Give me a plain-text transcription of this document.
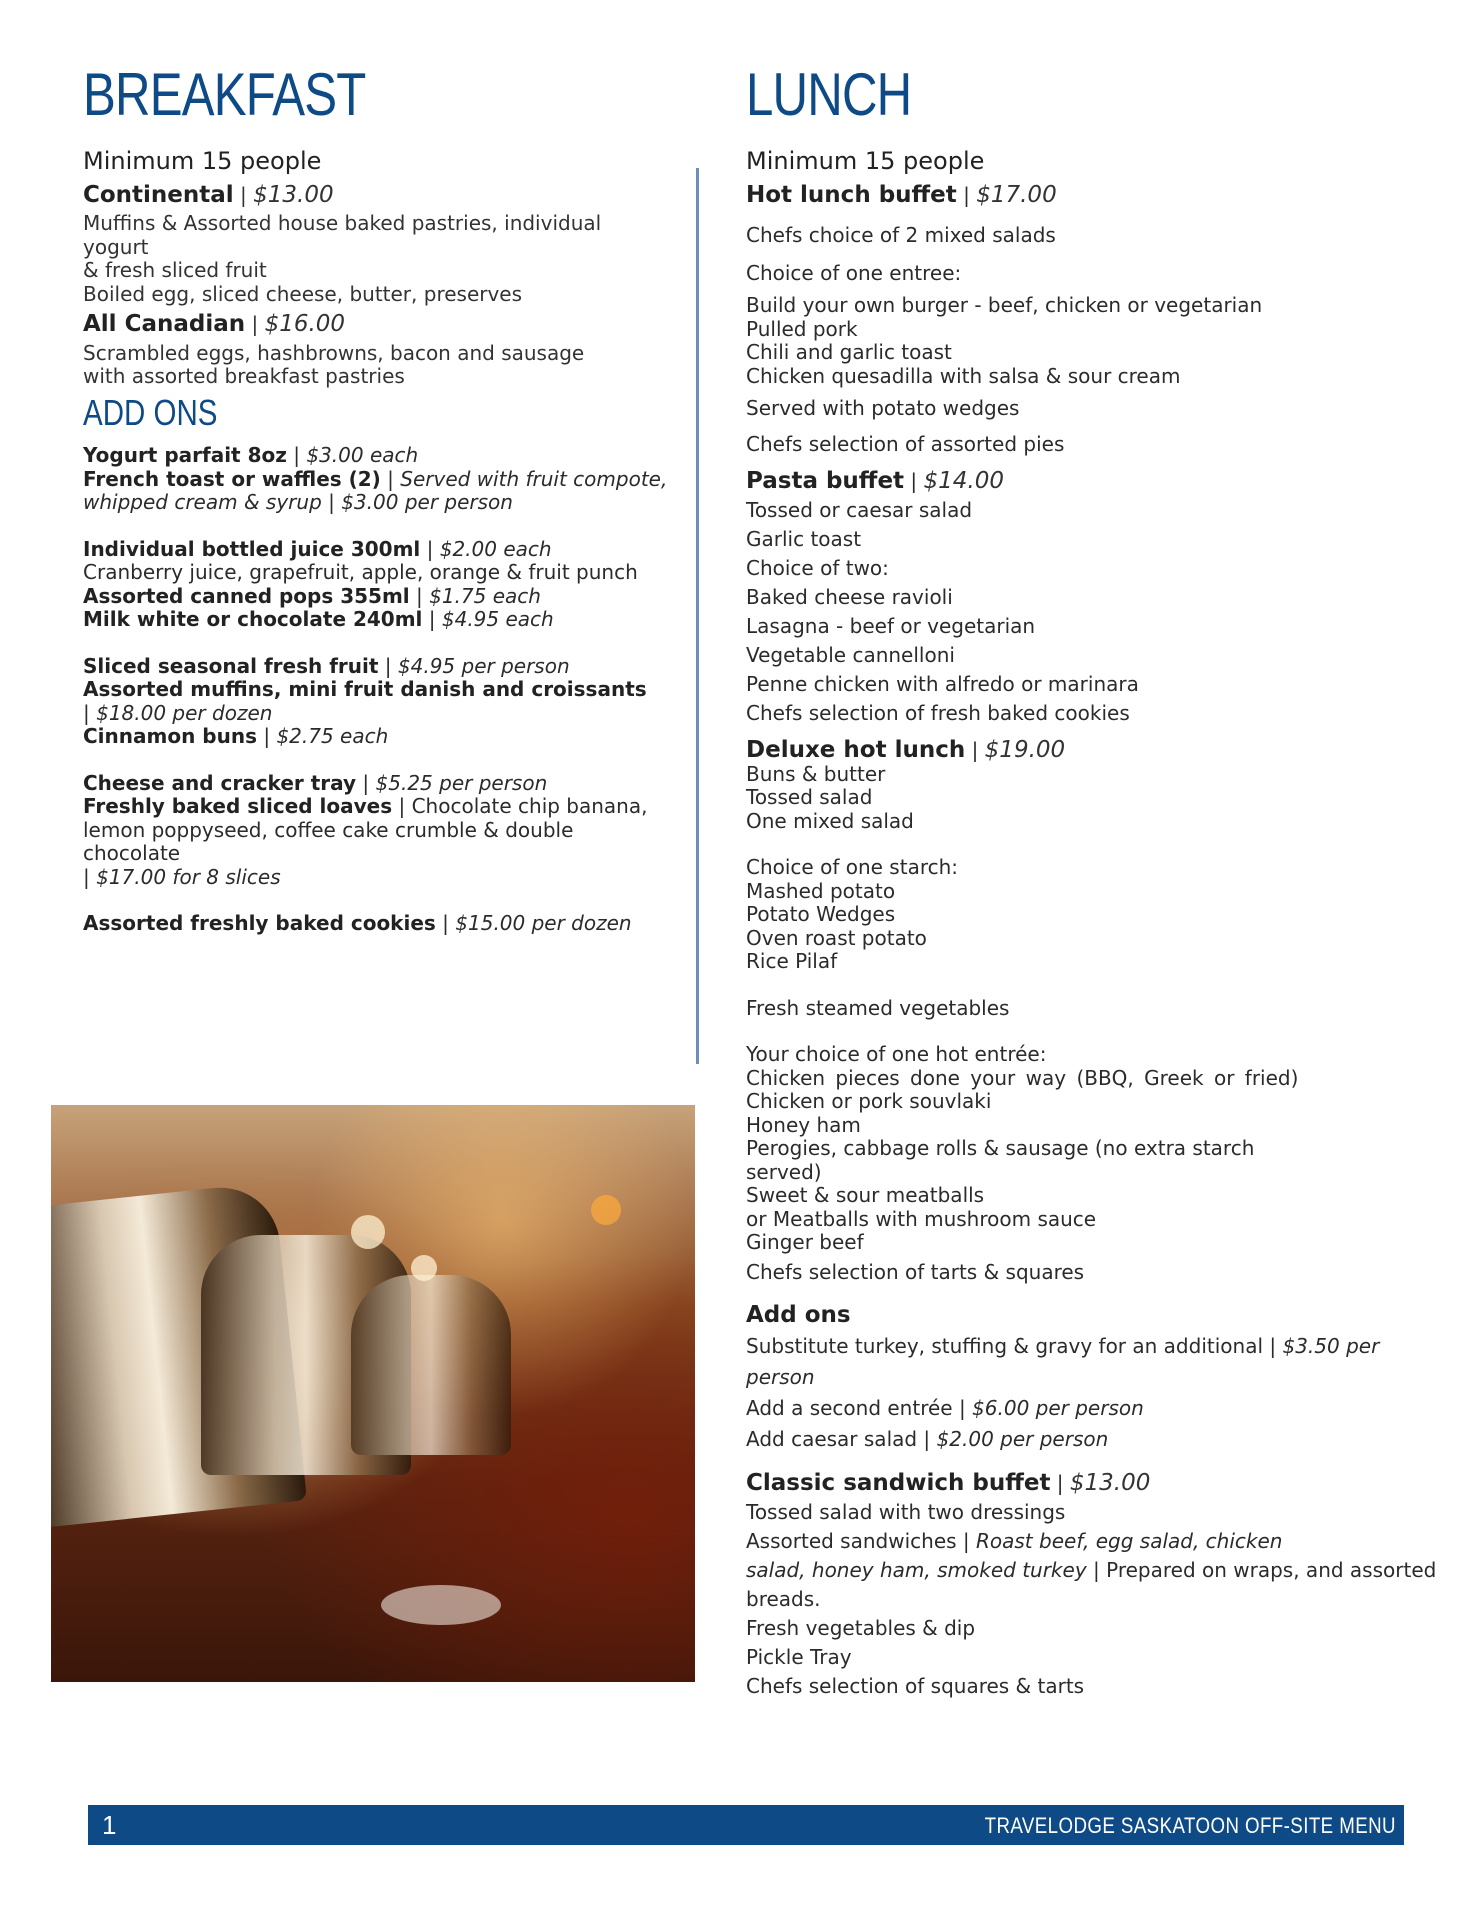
BREAKFAST	LUNCH

Minimum 15 people

Continental | $13.00
Muffins & Assorted house baked pastries, individual yogurt
& fresh sliced fruit
Boiled egg, sliced cheese, butter, preserves
All Canadian | $16.00
Scrambled eggs, hashbrowns, bacon and sausage
with assorted breakfast pastries
ADD ONS
Yogurt parfait 8oz | $3.00 each
French toast or waffles (2) | Served with fruit compote,
whipped cream & syrup | $3.00 per person
Individual bottled juice 300ml | $2.00 each
Cranberry juice, grapefruit, apple, orange & fruit punch
Assorted canned pops 355ml | $1.75 each
Milk white or chocolate 240ml | $4.95 each
Sliced seasonal fresh fruit | $4.95 per person
Assorted muffins, mini fruit danish and croissants
| $18.00 per dozen
Cinnamon buns | $2.75 each
Cheese and cracker tray | $5.25 per person
Freshly baked sliced loaves | Chocolate chip banana,
lemon poppyseed, coffee cake crumble & double chocolate
| $17.00 for 8 slices
Assorted freshly baked cookies | $15.00 per dozen

Minimum 15 people

Hot lunch buffet | $17.00
Chefs choice of 2 mixed salads
Choice of one entree:
Build your own burger - beef, chicken or vegetarian
Pulled pork
Chili and garlic toast
Chicken quesadilla with salsa & sour cream
Served with potato wedges
Chefs selection of assorted pies
Pasta buffet | $14.00
Tossed or caesar salad
Garlic toast
Choice of two:
Baked cheese ravioli
Lasagna - beef or vegetarian
Vegetable cannelloni
Penne chicken with alfredo or marinara
Chefs selection of fresh baked cookies
Deluxe hot lunch | $19.00
Buns & butter
Tossed salad
One mixed salad
Choice of one starch:
Mashed potato
Potato Wedges
Oven roast potato
Rice Pilaf
Fresh steamed vegetables
Your choice of one hot entrée:
Chicken pieces done your way (BBQ, Greek or fried)
Chicken or pork souvlaki
Honey ham
Perogies, cabbage rolls & sausage (no extra starch
served)
Sweet & sour meatballs
or Meatballs with mushroom sauce
Ginger beef
Chefs selection of tarts & squares
Add ons
Substitute turkey, stuffing & gravy for an additional | $3.50 per person
Add a second entrée | $6.00 per person
Add caesar salad | $2.00 per person
Classic sandwich buffet | $13.00
Tossed salad with two dressings
Assorted sandwiches | Roast beef, egg salad, chicken
salad, honey ham, smoked turkey | Prepared on wraps, and assorted
breads.
Fresh vegetables & dip
Pickle Tray
Chefs selection of squares & tarts
1	TRAVELODGE SASKATOON OFF-SITE MENU
